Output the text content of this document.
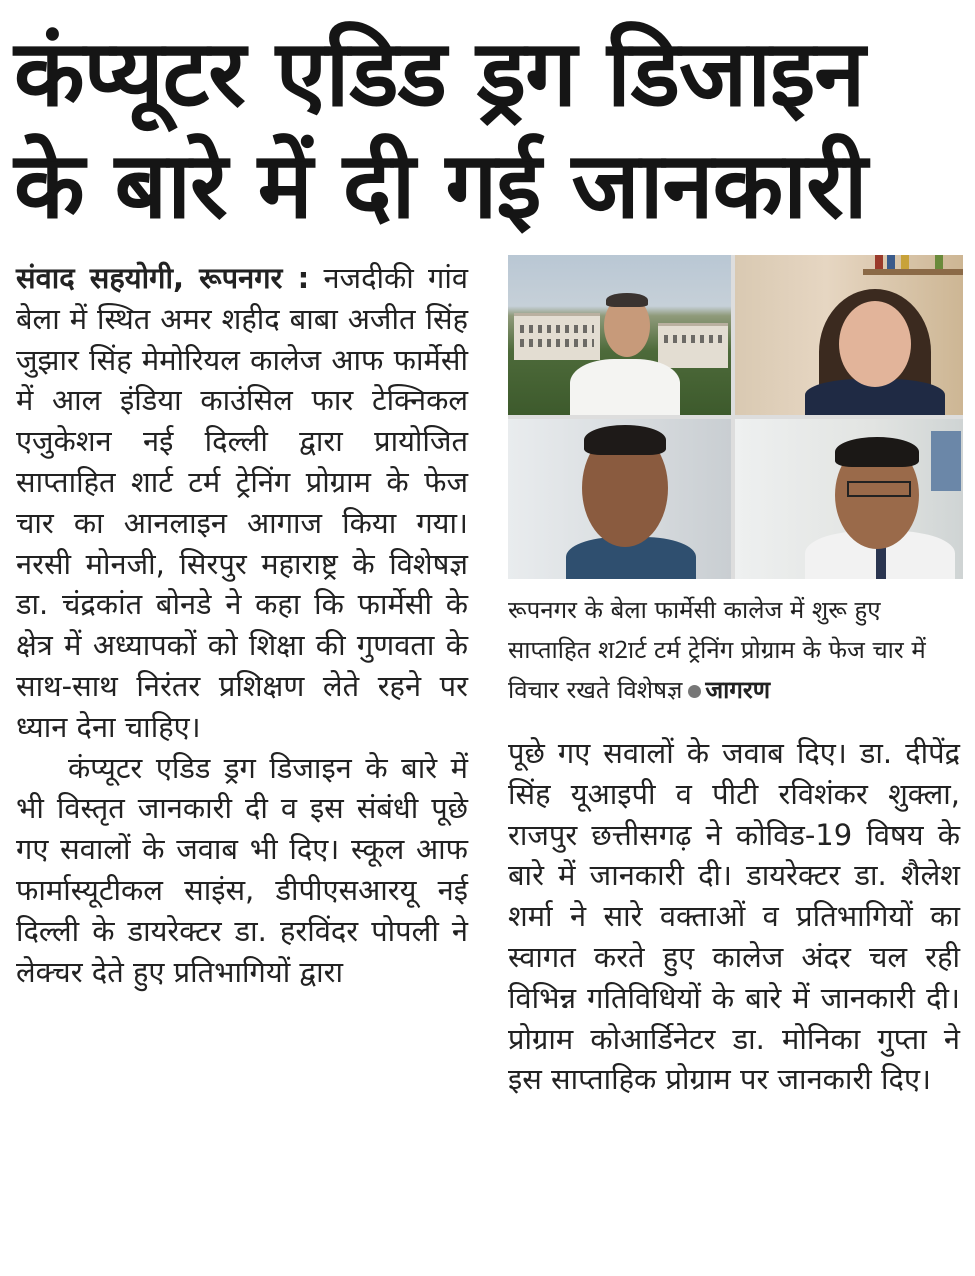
कंप्यूटर एडिड ड्रग डिजाइन
के बारे में दी गई जानकारी

संवाद सहयोगी, रूपनगर : नजदीकी गांव बेला में स्थित अमर शहीद बाबा अजीत सिंह जुझार सिंह मेमोरियल कालेज आफ फार्मेसी में आल इंडिया काउंसिल फार टेक्निकल एजुकेशन नई दिल्ली द्वारा प्रायोजित साप्ताहित शार्ट टर्म ट्रेनिंग प्रोग्राम के फेज चार का आनलाइन आगाज किया गया। नरसी मोनजी, सिरपुर महाराष्ट्र के विशेषज्ञ डा. चंद्रकांत बोनडे ने कहा कि फार्मेसी के क्षेत्र में अध्यापकों को शिक्षा की गुणवता के साथ-साथ निरंतर प्रशिक्षण लेते रहने पर ध्यान देना चाहिए।

कंप्यूटर एडिड ड्रग डिजाइन के बारे में भी विस्तृत जानकारी दी व इस संबंधी पूछे गए सवालों के जवाब भी दिए। स्कूल आफ फार्मास्यूटीकल साइंस, डीपीएसआरयू नई दिल्ली के डायरेक्टर डा. हरविंदर पोपली ने लेक्चर देते हुए प्रतिभागियों द्वारा

रूपनगर के बेला फार्मेसी कालेज में शुरू हुए साप्ताहित श2ार्ट टर्म ट्रेनिंग प्रोग्राम के फेज चार में विचार रखते विशेषज्ञ जागरण

पूछे गए सवालों के जवाब दिए। डा. दीपेंद्र सिंह यूआइपी व पीटी रविशंकर शुक्ला, राजपुर छत्तीसगढ़ ने कोविड-19 विषय के बारे में जानकारी दी। डायरेक्टर डा. शैलेश शर्मा ने सारे वक्ताओं व प्रतिभागियों का स्वागत करते हुए कालेज अंदर चल रही विभिन्न गतिविधियों के बारे में जानकारी दी। प्रोग्राम कोआर्डिनेटर डा. मोनिका गुप्ता ने इस साप्ताहिक प्रोग्राम पर जानकारी दिए।
